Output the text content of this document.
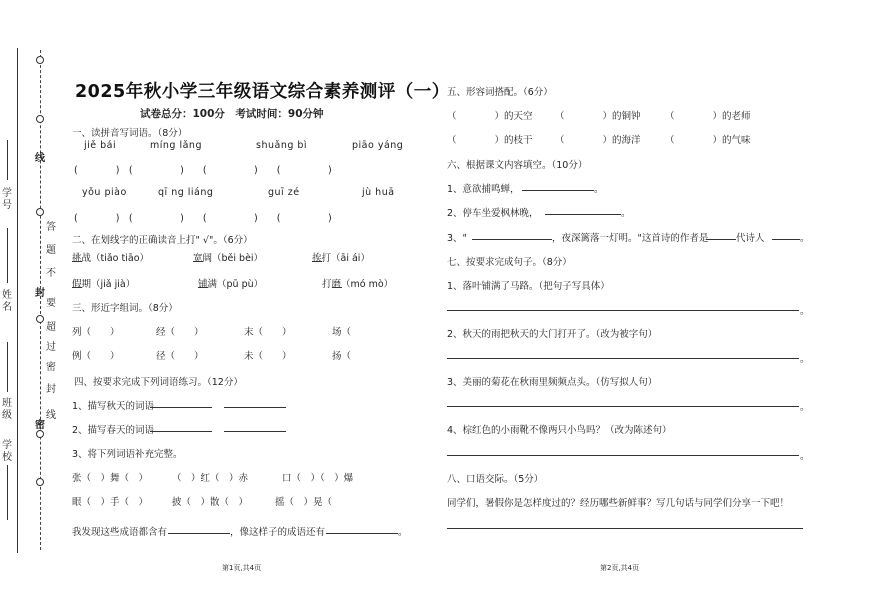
线
封
密
答
题
不
要
超
过
密
封
线
学号
姓名
班级
学校
2025年秋小学三年级语文综合素养测评（一）
试卷总分：100分　考试时间：90分钟
一、读拼音写词语。（8分）
jiě bái	míng lǎng	shuǎng bì	piāo yáng
(　　　　)　(　　　　　)　　(　　　　　)　　(　　　　　)
yǒu piào	qī ng liáng	guī zé	jù huā
(　　　　)　(　　　　　)　　(　　　　　)　　(　　　　　)
二、在划线字的正确读音上打" √"。（6分）
挑战（tiǎo tiāo）	宽阔（běi bèi）	挨打（āi ái）
假期（jiǎ jià）	铺满（pū pù）	打磨（mó mò）
三、形近字组词。（8分）
列（　　）	经（　　）	末（　　）	场（
例（　　）	径（　　）	未（　　）	扬（
四、按要求完成下列词语练习。（12分）
1、描写秋天的词语
2、描写春天的词语
3、将下列词语补充完整。
张（　）舞（　）	（　）红（　）赤	口（　）（　）爆
眼（　）手（　）	披（　）散（　）	摇（　）晃（　
我发现这些成语都含有	，像这样子的成语还有	。
第1页,共4页
五、形容词搭配。（6分）
（　　　　）的天空 （　　　　）的铜钟	（　　　　）的老师
（　　　　）的枝干 （　　　　）的海洋	（　　　　）的气味
六、根据课文内容填空。（10分）
1、意欲捕鸣蝉，	。
2、停车坐爱枫林晚，	。
3、"	，夜深篱落一灯明。"这首诗的作者是	代诗人	。
七、按要求完成句子。（8分）
1、落叶铺满了马路。（把句子写具体）
。
2、秋天的雨把秋天的大门打开了。（改为被字句）
。
3、美丽的菊花在秋雨里频频点头。（仿写拟人句）
。
4、棕红色的小雨靴不像两只小鸟吗？（改为陈述句）
。
八、口语交际。（5分）
同学们，暑假你是怎样度过的？经历哪些新鲜事？写几句话与同学们分享一下吧！
第2页,共4页
